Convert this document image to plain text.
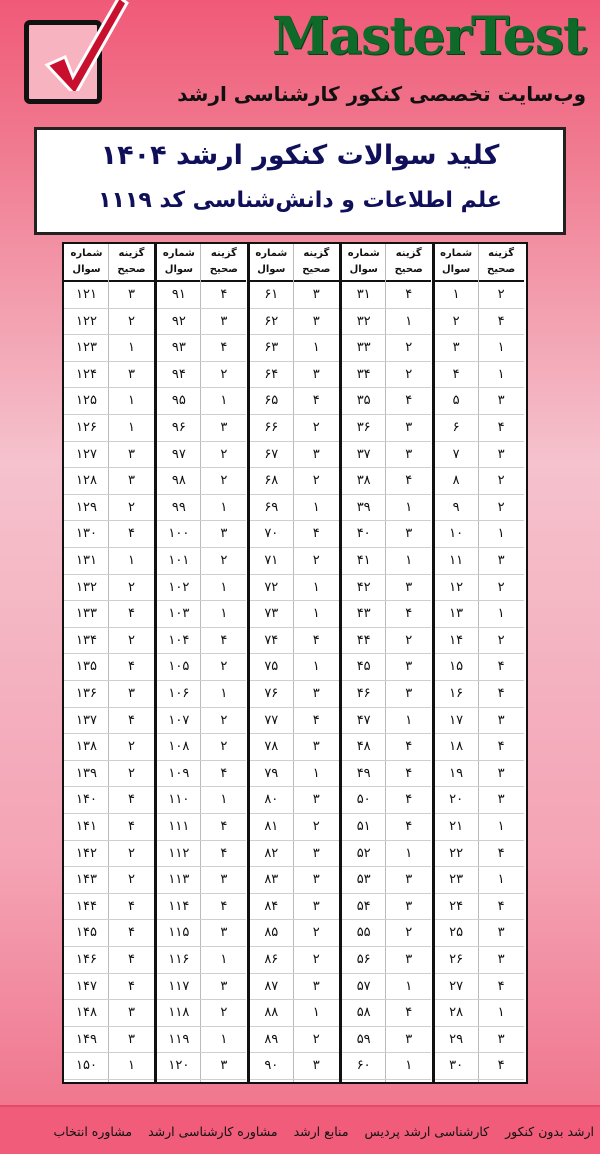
MasterTest
وب‌سایت تخصصی کنکور کارشناسی ارشد
کلید سوالات کنکور ارشد ۱۴۰۴
علم اطلاعات و دانش‌شناسی کد ۱۱۱۹
شماره سوال
گزینه صحیح
۱	۲
۲	۴
۳	۱
۴	۱
۵	۳
۶	۴
۷	۳
۸	۲
۹	۲
۱۰	۱
۱۱	۳
۱۲	۲
۱۳	۱
۱۴	۲
۱۵	۴
۱۶	۴
۱۷	۳
۱۸	۴
۱۹	۳
۲۰	۳
۲۱	۱
۲۲	۴
۲۳	۱
۲۴	۴
۲۵	۳
۲۶	۳
۲۷	۴
۲۸	۱
۲۹	۳
۳۰	۴
شماره سوال
گزینه صحیح
۳۱	۴
۳۲	۱
۳۳	۲
۳۴	۲
۳۵	۴
۳۶	۳
۳۷	۳
۳۸	۴
۳۹	۱
۴۰	۳
۴۱	۱
۴۲	۳
۴۳	۴
۴۴	۲
۴۵	۳
۴۶	۳
۴۷	۱
۴۸	۴
۴۹	۴
۵۰	۴
۵۱	۴
۵۲	۱
۵۳	۳
۵۴	۳
۵۵	۲
۵۶	۳
۵۷	۱
۵۸	۴
۵۹	۳
۶۰	۱
شماره سوال
گزینه صحیح
۶۱	۳
۶۲	۳
۶۳	۱
۶۴	۳
۶۵	۴
۶۶	۲
۶۷	۳
۶۸	۲
۶۹	۱
۷۰	۴
۷۱	۲
۷۲	۱
۷۳	۱
۷۴	۴
۷۵	۱
۷۶	۳
۷۷	۴
۷۸	۳
۷۹	۱
۸۰	۳
۸۱	۲
۸۲	۳
۸۳	۳
۸۴	۳
۸۵	۲
۸۶	۲
۸۷	۳
۸۸	۱
۸۹	۲
۹۰	۳
شماره سوال
گزینه صحیح
۹۱	۴
۹۲	۳
۹۳	۴
۹۴	۲
۹۵	۱
۹۶	۳
۹۷	۲
۹۸	۲
۹۹	۱
۱۰۰	۳
۱۰۱	۲
۱۰۲	۱
۱۰۳	۱
۱۰۴	۴
۱۰۵	۲
۱۰۶	۱
۱۰۷	۲
۱۰۸	۲
۱۰۹	۴
۱۱۰	۱
۱۱۱	۴
۱۱۲	۴
۱۱۳	۳
۱۱۴	۴
۱۱۵	۳
۱۱۶	۱
۱۱۷	۳
۱۱۸	۲
۱۱۹	۱
۱۲۰	۳
شماره سوال
گزینه صحیح
۱۲۱	۳
۱۲۲	۲
۱۲۳	۱
۱۲۴	۳
۱۲۵	۱
۱۲۶	۱
۱۲۷	۳
۱۲۸	۳
۱۲۹	۲
۱۳۰	۴
۱۳۱	۱
۱۳۲	۲
۱۳۳	۴
۱۳۴	۲
۱۳۵	۴
۱۳۶	۳
۱۳۷	۴
۱۳۸	۲
۱۳۹	۲
۱۴۰	۴
۱۴۱	۴
۱۴۲	۲
۱۴۳	۲
۱۴۴	۴
۱۴۵	۴
۱۴۶	۴
۱۴۷	۴
۱۴۸	۳
۱۴۹	۳
۱۵۰	۱
ارشد بدون کنکورکارشناسی ارشد پردیسمنابع ارشدمشاوره کارشناسی ارشدمشاوره انتخاب
